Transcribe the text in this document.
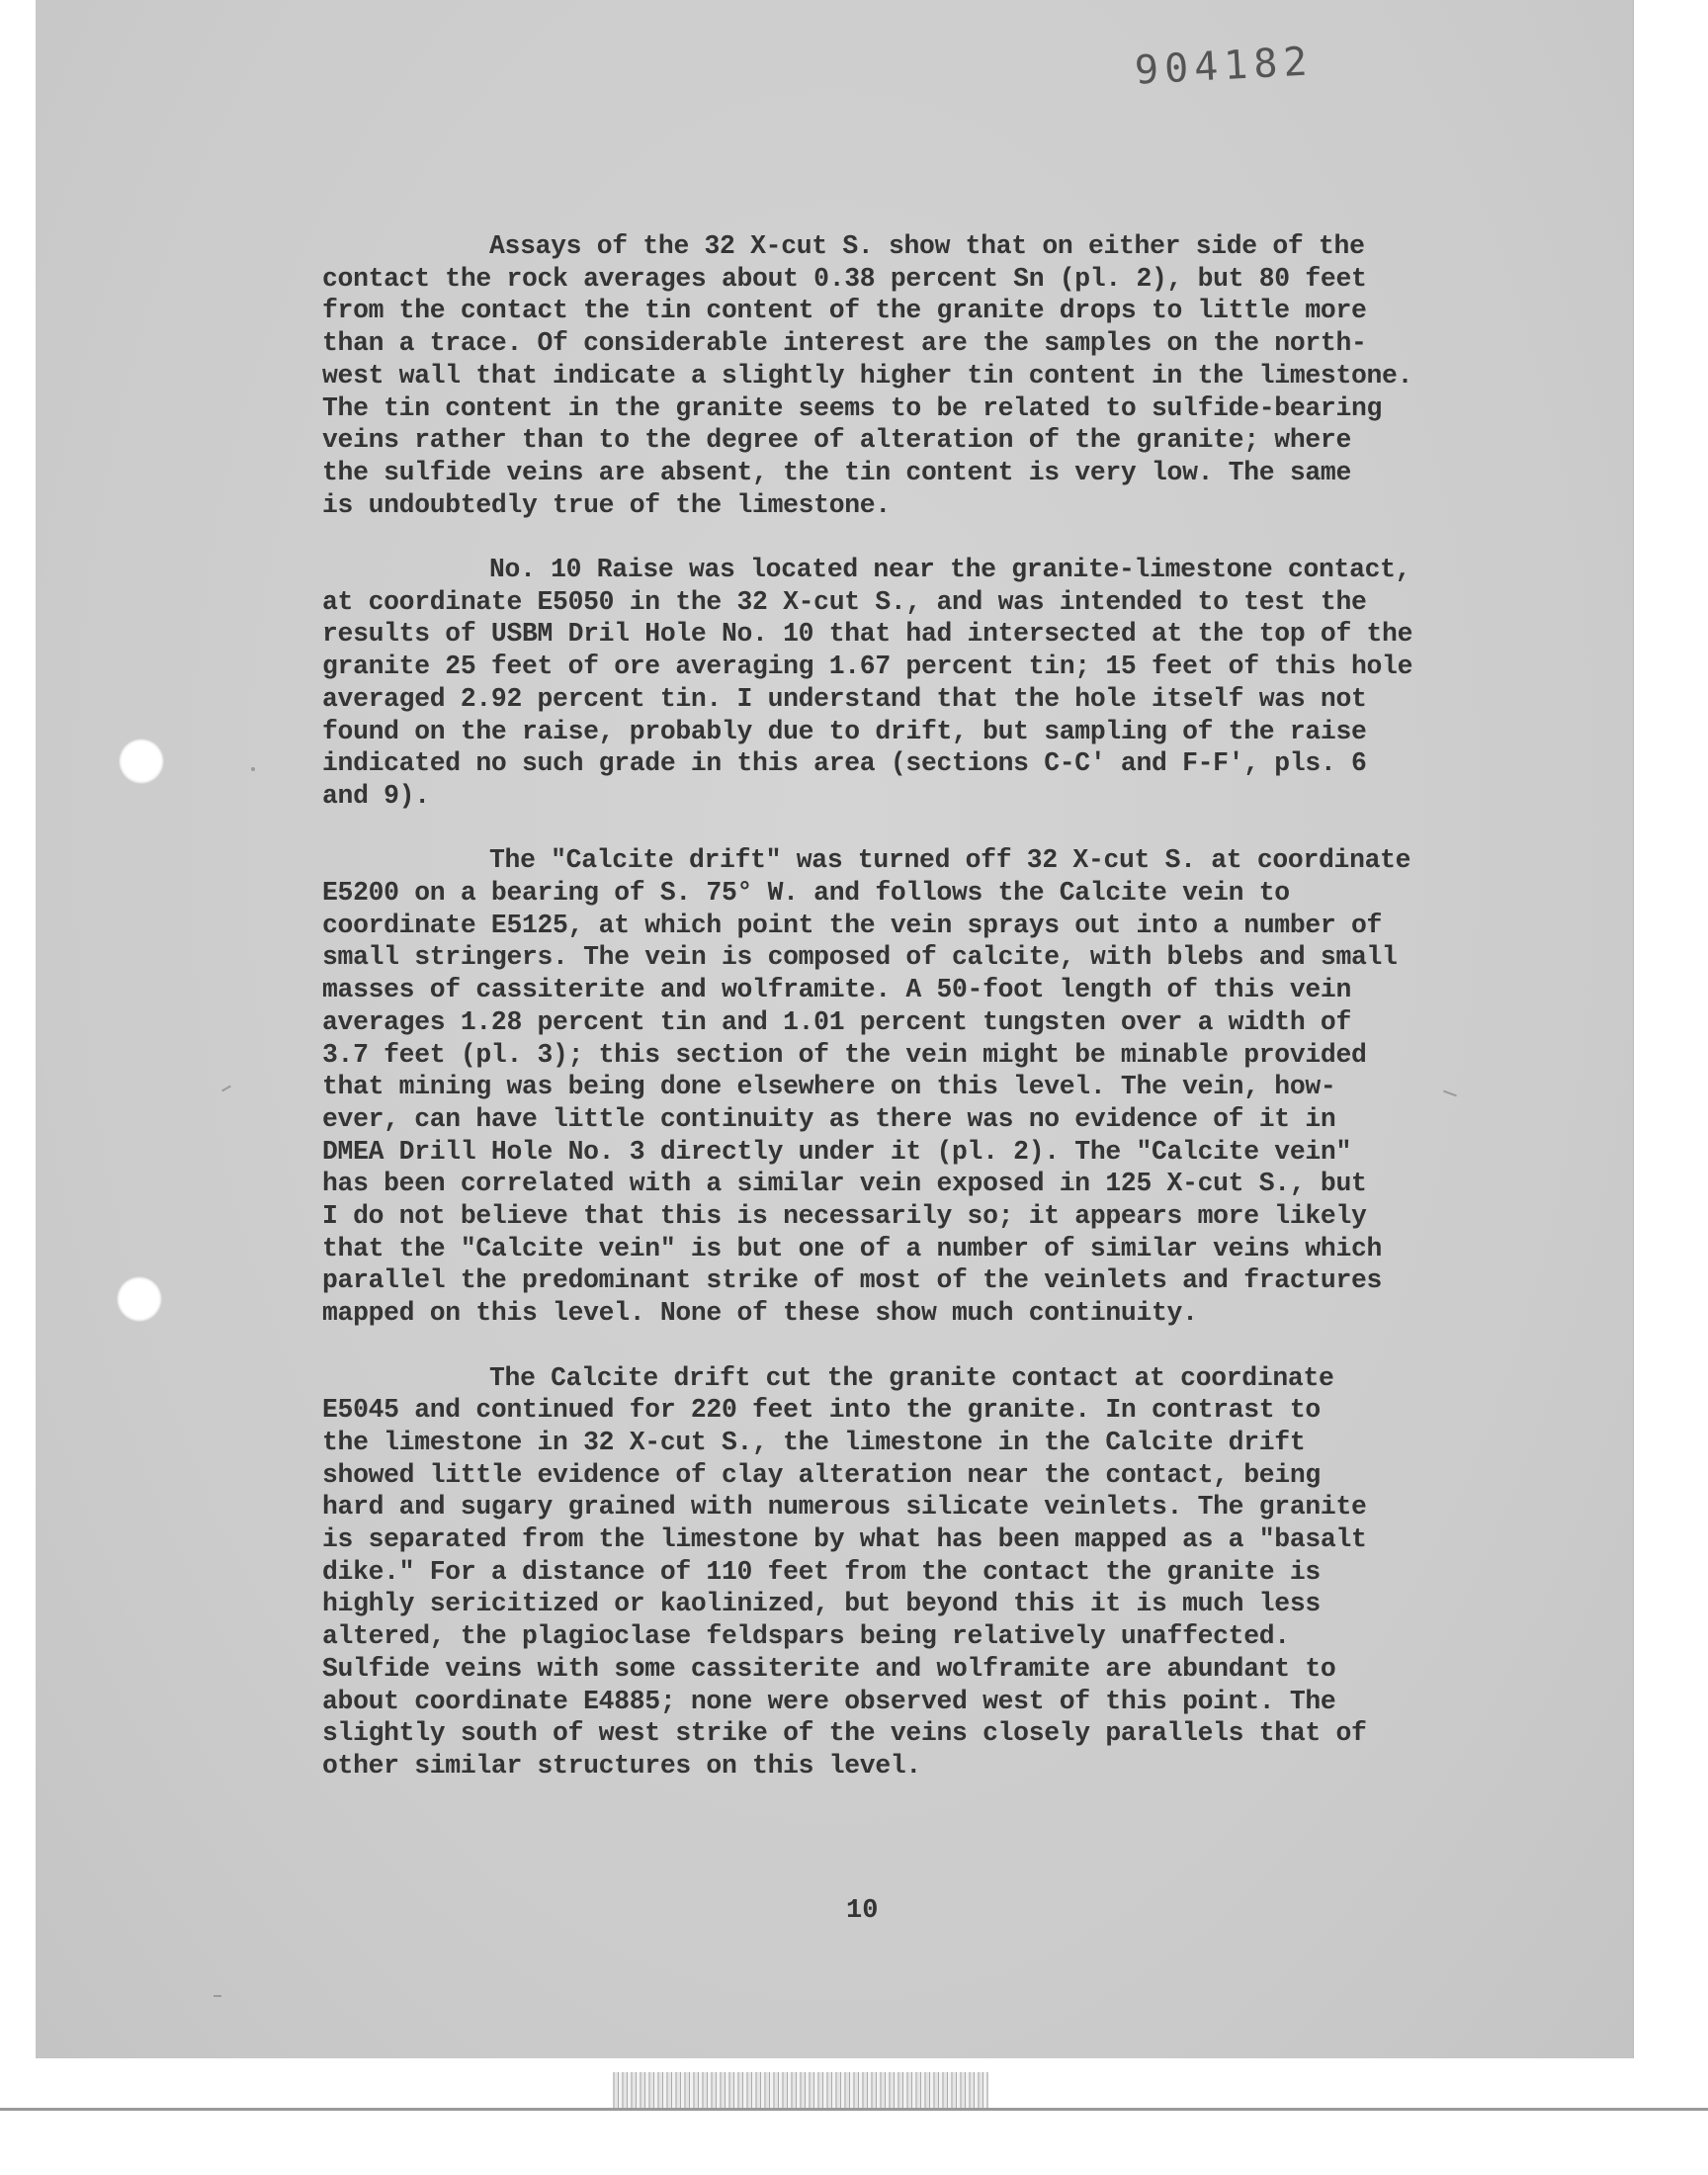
904182
Assays of the 32 X-cut S. show that on either side of the
contact the rock averages about 0.38 percent Sn (pl. 2), but 80 feet
from the contact the tin content of the granite drops to little more
than a trace. Of considerable interest are the samples on the north-
west wall that indicate a slightly higher tin content in the limestone.
The tin content in the granite seems to be related to sulfide-bearing
veins rather than to the degree of alteration of the granite; where
the sulfide veins are absent, the tin content is very low. The same
is undoubtedly true of the limestone.
No. 10 Raise was located near the granite-limestone contact,
at coordinate E5050 in the 32 X-cut S., and was intended to test the
results of USBM Dril Hole No. 10 that had intersected at the top of the
granite 25 feet of ore averaging 1.67 percent tin; 15 feet of this hole
averaged 2.92 percent tin. I understand that the hole itself was not
found on the raise, probably due to drift, but sampling of the raise
indicated no such grade in this area (sections C-C' and F-F', pls. 6
and 9).
The "Calcite drift" was turned off 32 X-cut S. at coordinate
E5200 on a bearing of S. 75° W. and follows the Calcite vein to
coordinate E5125, at which point the vein sprays out into a number of
small stringers. The vein is composed of calcite, with blebs and small
masses of cassiterite and wolframite. A 50-foot length of this vein
averages 1.28 percent tin and 1.01 percent tungsten over a width of
3.7 feet (pl. 3); this section of the vein might be minable provided
that mining was being done elsewhere on this level. The vein, how-
ever, can have little continuity as there was no evidence of it in
DMEA Drill Hole No. 3 directly under it (pl. 2). The "Calcite vein"
has been correlated with a similar vein exposed in 125 X-cut S., but
I do not believe that this is necessarily so; it appears more likely
that the "Calcite vein" is but one of a number of similar veins which
parallel the predominant strike of most of the veinlets and fractures
mapped on this level. None of these show much continuity.
The Calcite drift cut the granite contact at coordinate
E5045 and continued for 220 feet into the granite. In contrast to
the limestone in 32 X-cut S., the limestone in the Calcite drift
showed little evidence of clay alteration near the contact, being
hard and sugary grained with numerous silicate veinlets. The granite
is separated from the limestone by what has been mapped as a "basalt
dike." For a distance of 110 feet from the contact the granite is
highly sericitized or kaolinized, but beyond this it is much less
altered, the plagioclase feldspars being relatively unaffected.
Sulfide veins with some cassiterite and wolframite are abundant to
about coordinate E4885; none were observed west of this point. The
slightly south of west strike of the veins closely parallels that of
other similar structures on this level.
10
